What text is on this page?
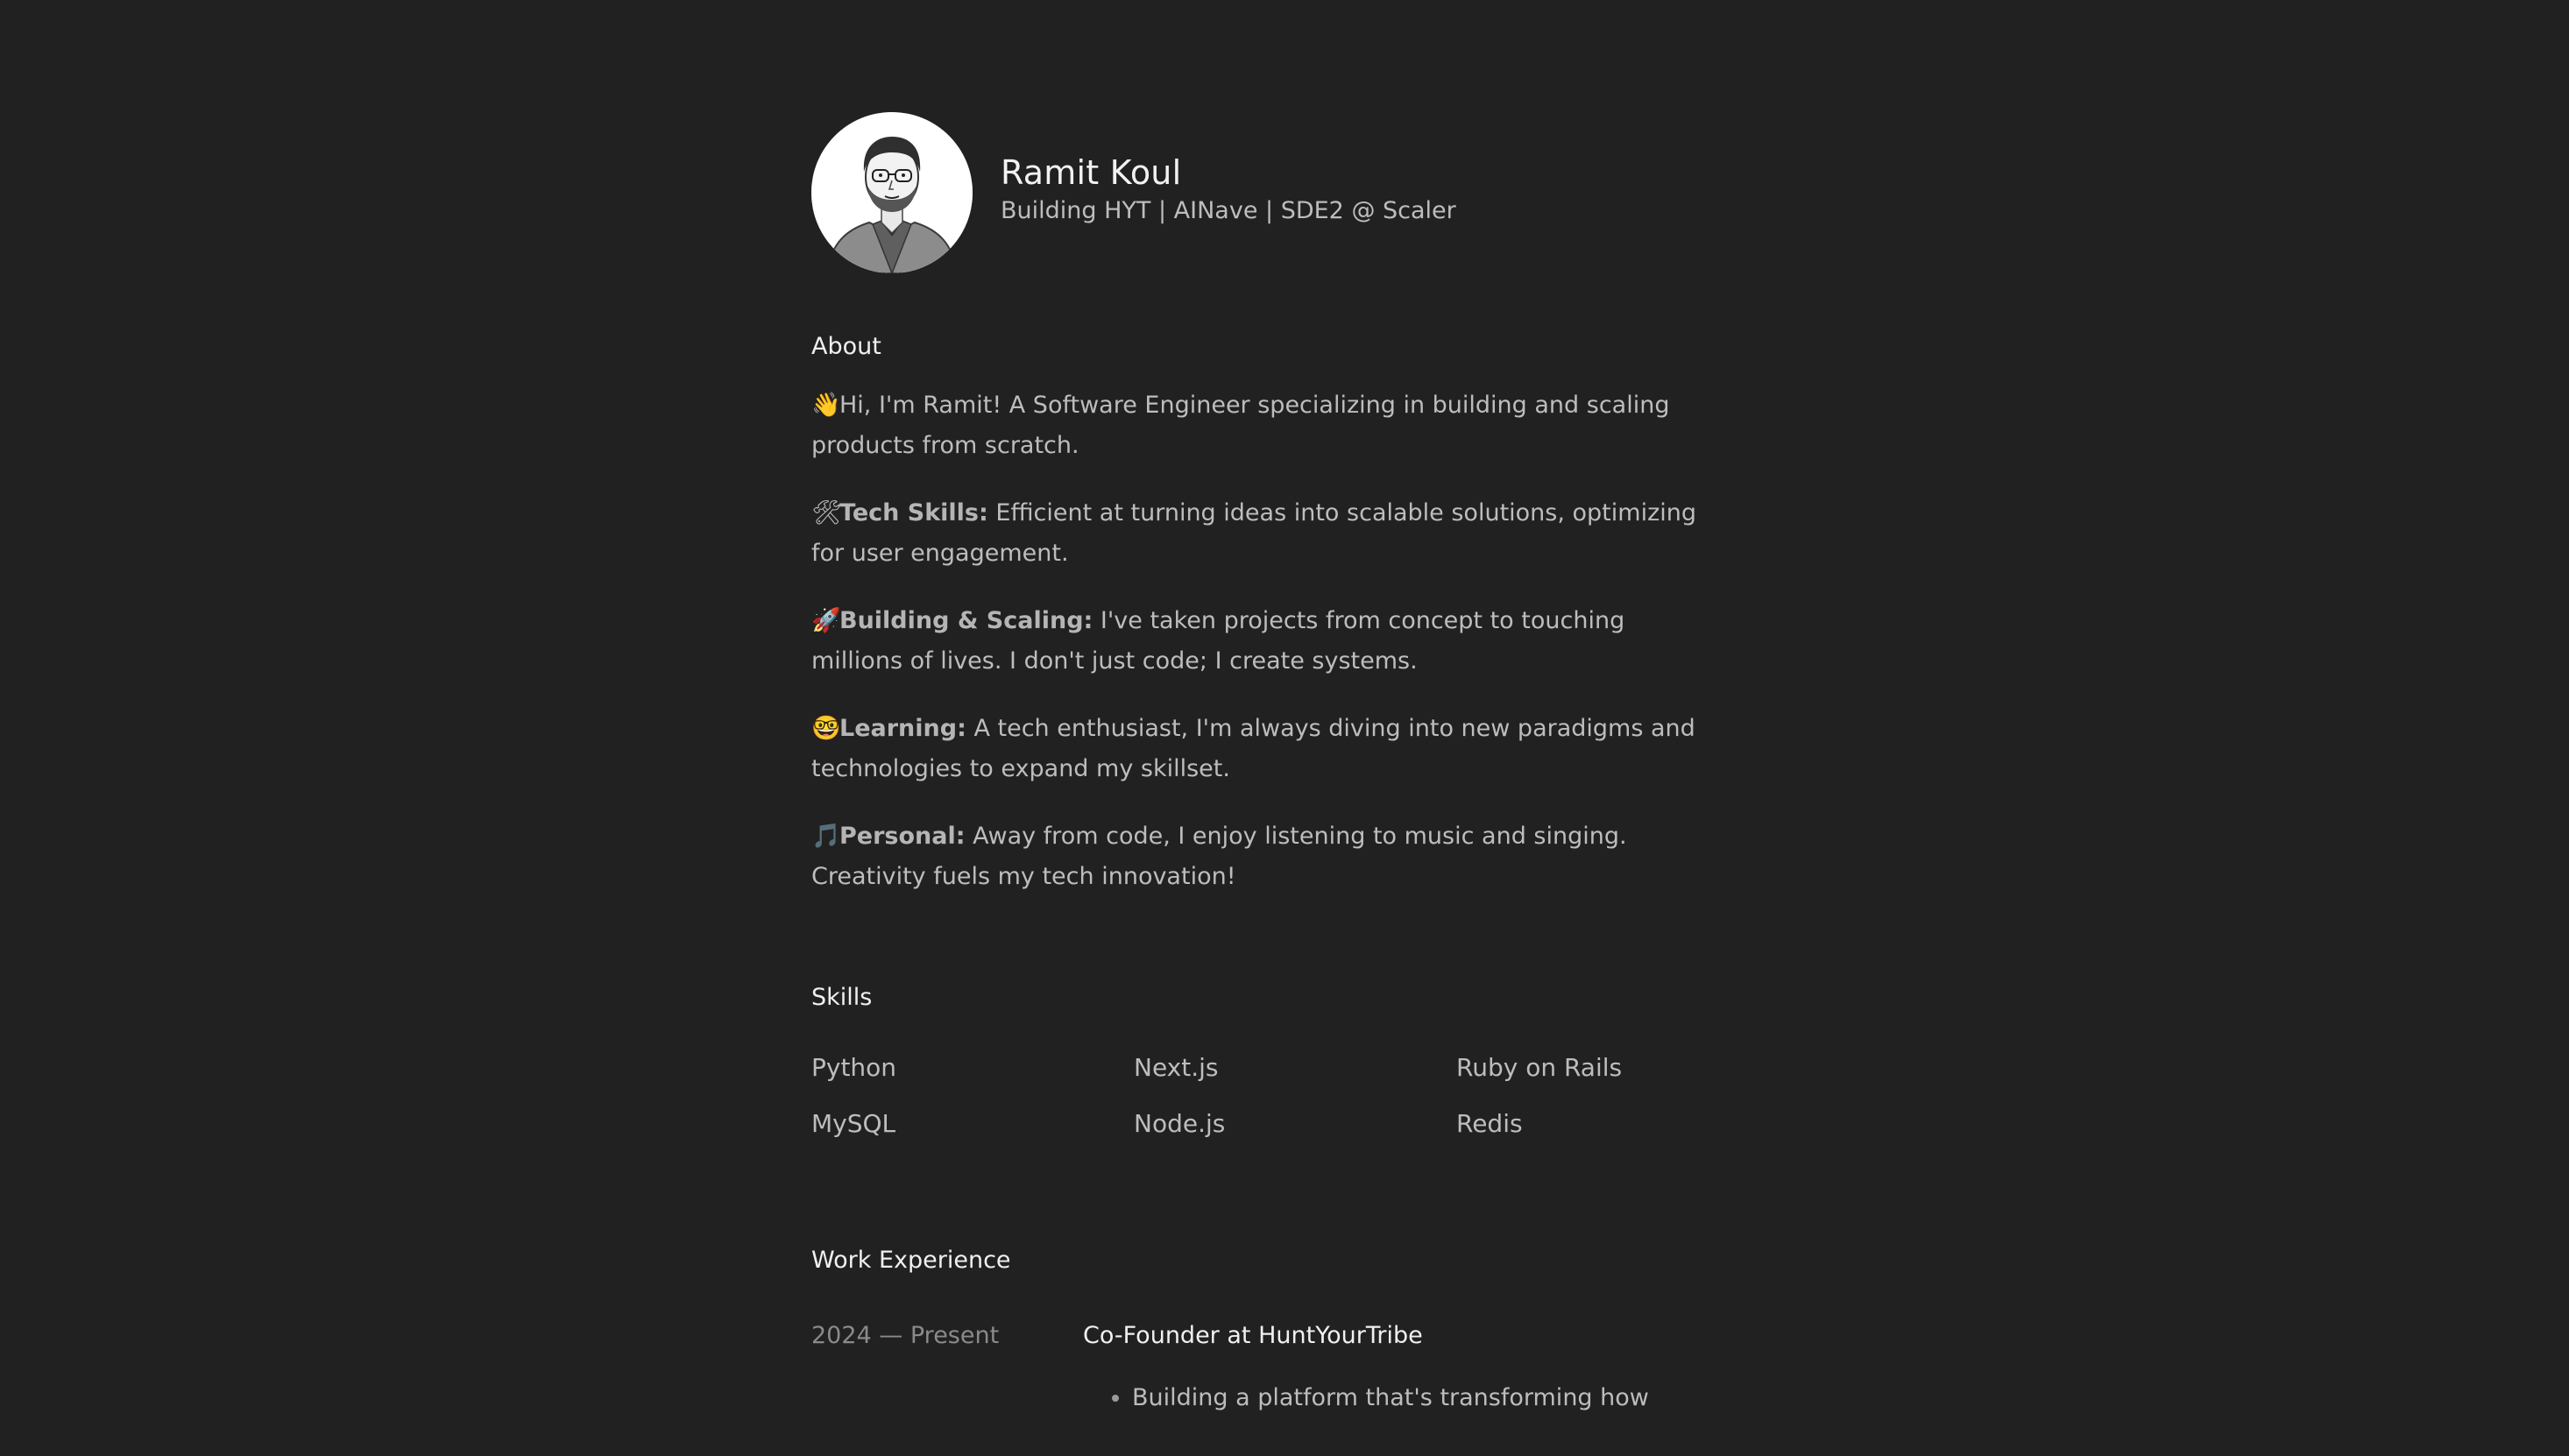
Ramit Koul
Building HYT | AINave | SDE2 @ Scaler
About

👋Hi, I'm Ramit! A Software Engineer specializing in building and scaling products from scratch.

🛠Tech Skills: Efficient at turning ideas into scalable solutions, optimizing for user engagement.

🚀Building & Scaling: I've taken projects from concept to touching millions of lives. I don't just code; I create systems.

🤓Learning: A tech enthusiast, I'm always diving into new paradigms and technologies to expand my skillset.

🎵Personal: Away from code, I enjoy listening to music and singing. Creativity fuels my tech innovation!

Skills
Python	Next.js	Ruby on Rails
MySQL	Node.js	Redis
Work Experience
2024 — Present	Co-Founder at HuntYourTribe
• Building a platform that's transforming how
